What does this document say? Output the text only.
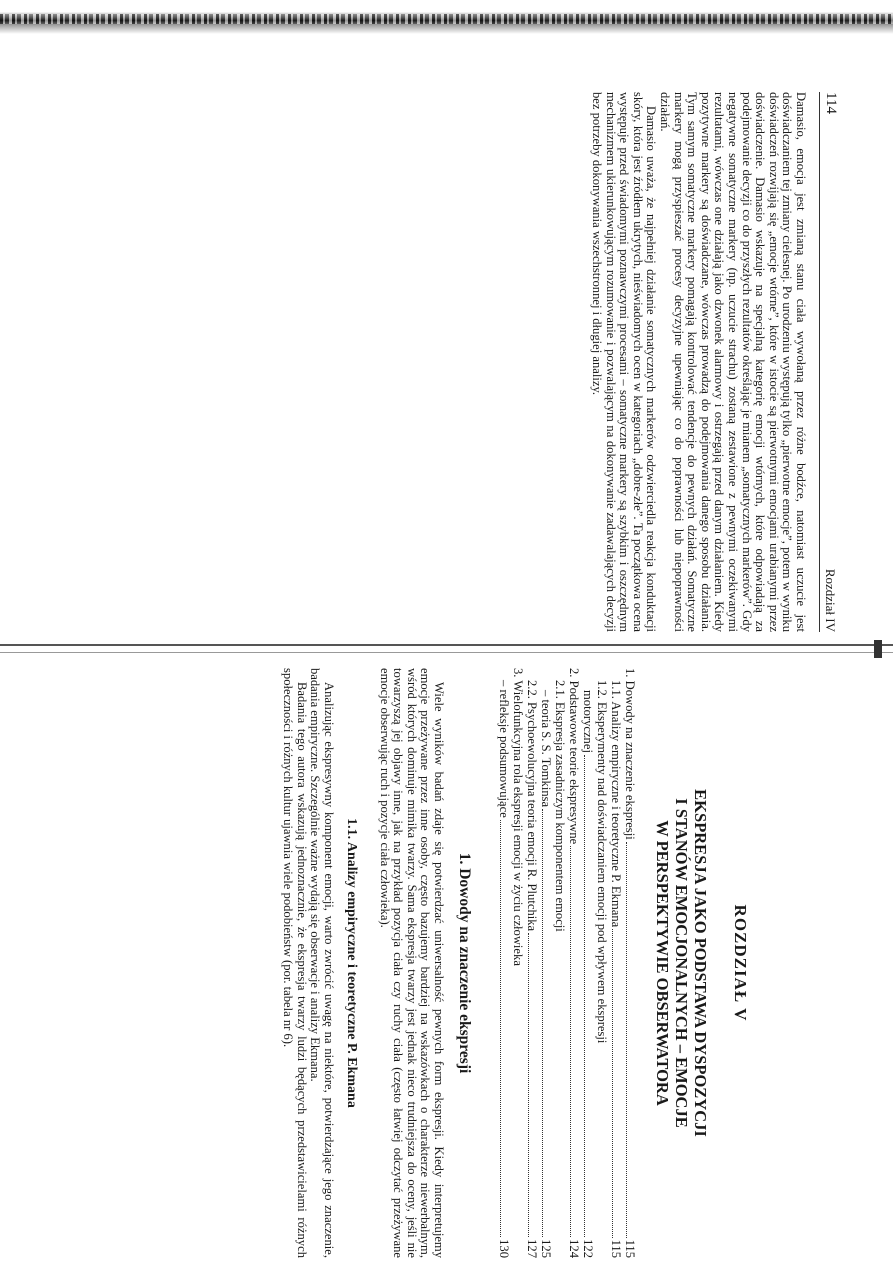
114
Rozdział IV

Damasio, emocja jest zmianą stanu ciała wywołaną przez różne bodźce, natomiast uczucie jest doświadczaniem tej zmiany cielesnej. Po urodzeniu występują tylko „pierwotne emocje”, potem w wyniku doświadczeń rozwijają się „emocje wtórne”, które w istocie są pierwotnymi emocjami urabianymi przez doświadczenie. Damasio wskazuje na specjalną kategorię emocji wtórnych, które odpowiadają za podejmowanie decyzji co do przyszłych rezultatów określając je mianem „somatycznych markerów”. Gdy negatywne somatyczne markery (np. uczucie strachu) zostaną zestawione z pewnymi oczekiwanymi rezultatami, wówczas one działają jako dzwonek alarmowy i ostrzegają przed danym działaniem. Kiedy pozytywne markery są doświadczane, wówczas prowadzą do podejmowania danego sposobu działania. Tym samym somatyczne markery pomagają kontrolować tendencje do pewnych działań. Somatyczne markery mogą przyspieszać procesy decyzyjne upewniając co do poprawności lub niepoprawności działań.

Damasio uważa, że najpełniej działanie somatycznych markerów odzwierciedla reakcja konduktacji skóry, która jest źródłem ukrytych, nieświadomych ocen w kategoriach „dobre-złe”. Ta początkowa ocena występuje przed świadomymi poznawczymi procesami – somatyczne markery są szybkim i oszczędnym mechanizmem ukierunkowującym rozumowanie i pozwalającym na dokonywanie zadawalających decyzji bez potrzeby dokonywania wszechstronnej i długiej analizy.

ROZDZIAŁ V
EKSPRESJA JAKO PODSTAWA DYSPOZYCJI
I STANÓW EMOCJONALNYCH – EMOCJE
W PERSPEKTYWIE OBSERWATORA
1. Dowody na znaczenie ekspresji
115
1.1. Analizy empiryczne i teoretyczne P. Ekmana
115
1.2. Eksperymenty nad doświadczaniem emocji pod wpływem ekspresji
motorycznej
122
2. Podstawowe teorie ekspresywne
124
2.1. Ekspresja zasadniczym komponentem emocji
– teoria S. S. Tomkinsa
125
2.2. Psychoewolucyjna teoria emocji R. Plutchika
127
3. Wielofunkcyjna rola ekspresji emocji w życiu człowieka
– refleksje podsumowujące
130
1. Dowody na znaczenie ekspresji

Wiele wyników badań zdaje się potwierdzać uniwersalność pewnych form ekspresji. Kiedy interpretujemy emocje przeżywane przez inne osoby, często bazujemy bardziej na wskazówkach o charakterze niewerbalnym, wśród których dominuje mimika twarzy. Sama ekspresja twarzy jest jednak nieco trudniejsza do oceny, jeśli nie towarzyszą jej objawy inne, jak na przykład pozycja ciała czy ruchy ciała (często łatwiej odczytać przeżywane emocje obserwując ruch i pozycje ciała człowieka).

1.1. Analizy empiryczne i teoretyczne P. Ekmana

Analizując ekspresywny komponent emocji, warto zwrócić uwagę na niektóre, potwierdzające jego znaczenie, badania empiryczne. Szczególnie ważne wydają się obserwacje i analizy Ekmana.

Badania tego autora wskazują jednoznacznie, że ekspresja twarzy ludzi będących przedstawicielami różnych społeczności i różnych kultur ujawnia wiele podobieństw (por. tabela nr 6).
